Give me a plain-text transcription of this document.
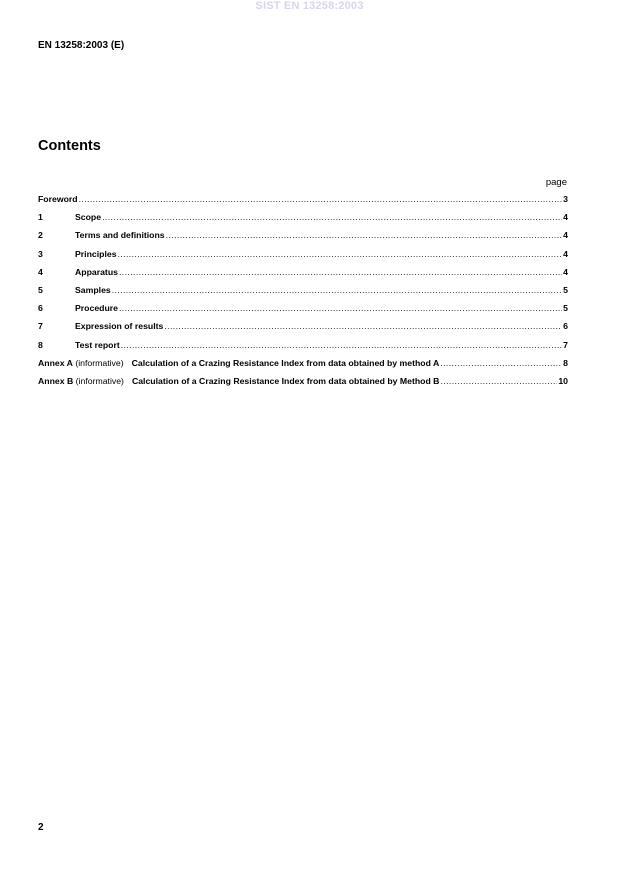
SIST EN 13258:2003
EN 13258:2003 (E)
Contents
page
Foreword .....	3
1	Scope .....	4
2	Terms and definitions .....	4
3	Principles .....	4
4	Apparatus .....	4
5	Samples .....	5
6	Procedure .....	5
7	Expression of results .....	6
8	Test report .....	7
Annex A (informative) Calculation of a Crazing Resistance Index from data obtained by method A .....	8
Annex B (informative) Calculation of a Crazing Resistance Index from data obtained by Method B .....	10
2
